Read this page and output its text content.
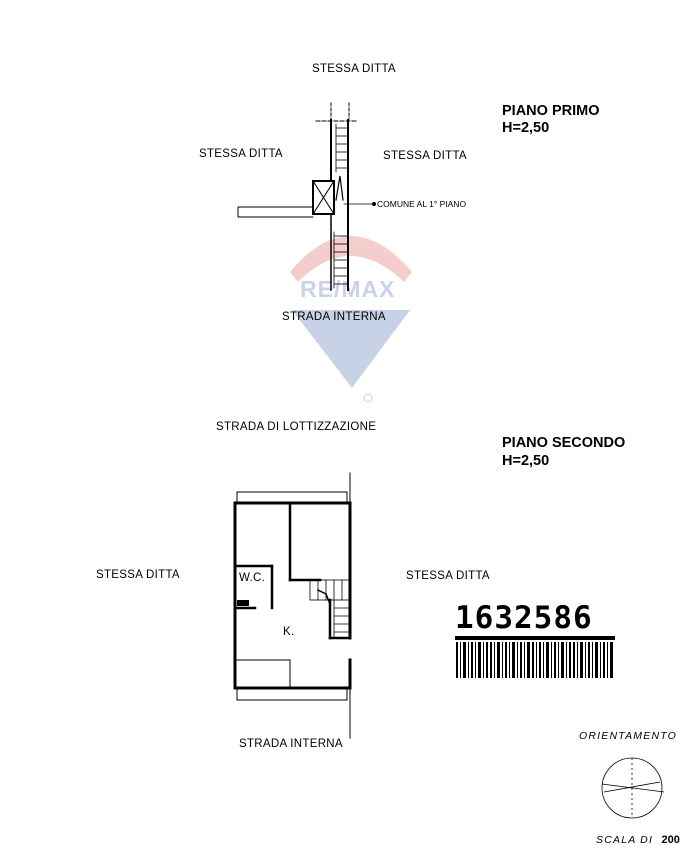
RE/MAX
STESSA DITTA
STESSA DITTA	STESSA DITTA
COMUNE AL 1° PIANO
STRADA INTERNA
PIANO PRIMO
H=2,50
STRADA DI LOTTIZZAZIONE
PIANO SECONDO
H=2,50
STESSA DITTA	STESSA DITTA
W.C.
K.
STRADA INTERNA
1632586
ORIENTAMENTO
SCALA DI 200
